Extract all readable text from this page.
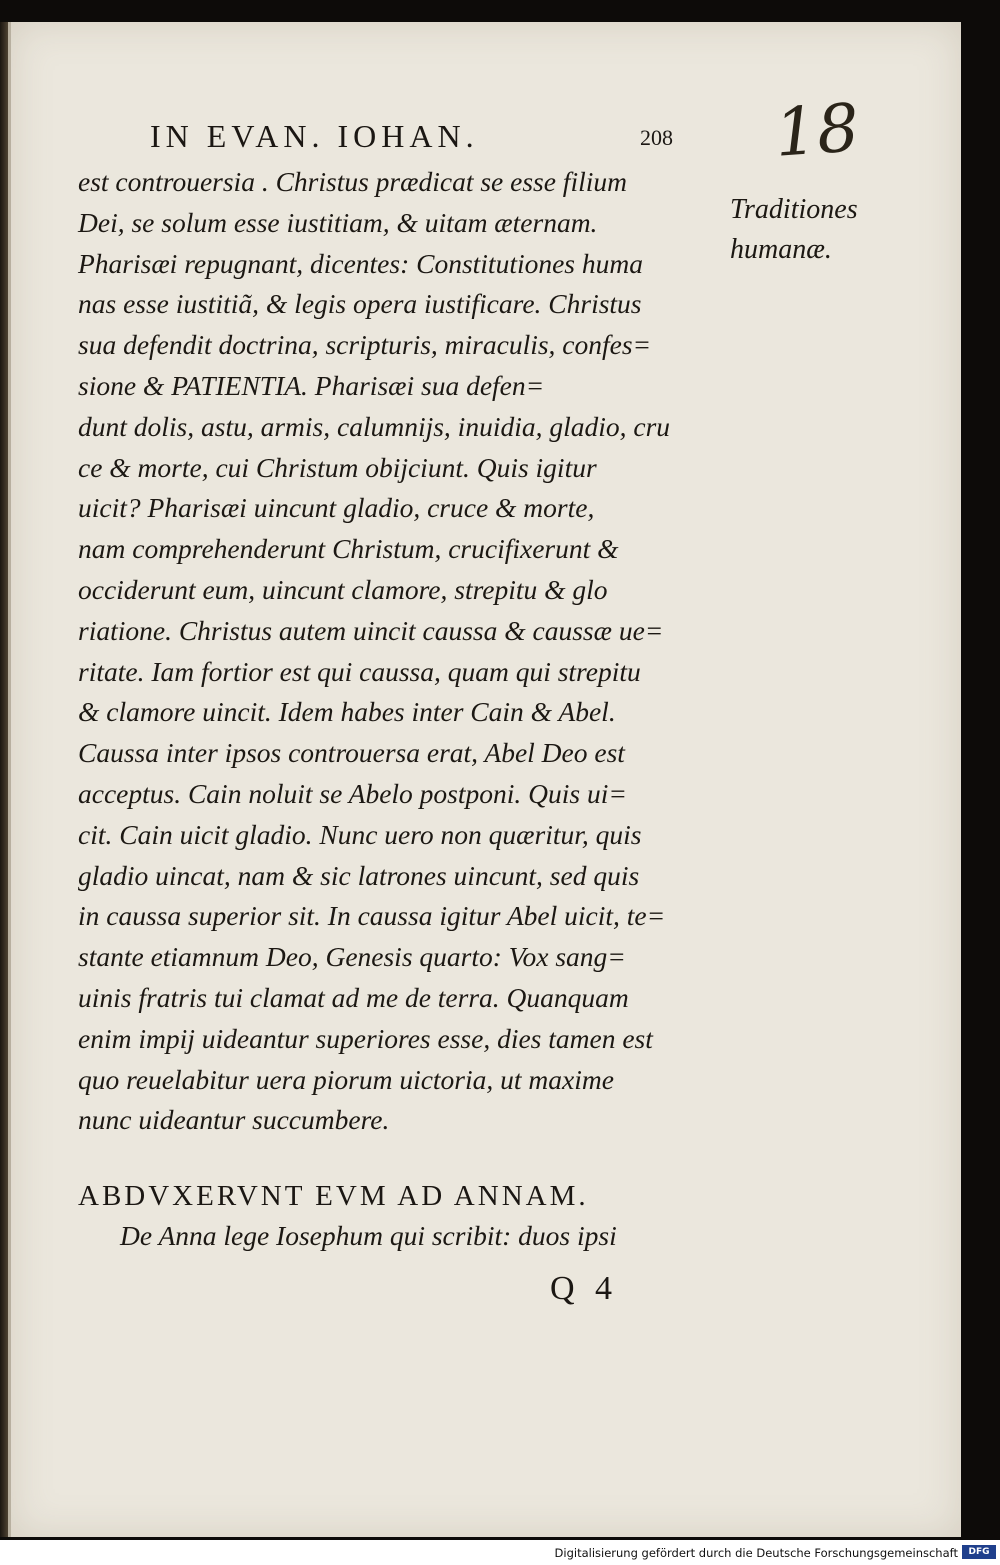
IN EVAN. IOHAN.	208 18
Traditiones
humanæ.
est controuersia . Christus prædicat se esse filium
Dei, se solum esse iustitiam, & uitam æternam.
Pharisæi repugnant, dicentes: Constitutiones huma
nas esse iustitiã, & legis opera iustificare. Christus
sua defendit doctrina, scripturis, miraculis, confes=
sione & PATIENTIA. Pharisæi sua defen=
dunt dolis, astu, armis, calumnijs, inuidia, gladio, cru
ce & morte, cui Christum obijciunt. Quis igitur
uicit? Pharisæi uincunt gladio, cruce & morte,
nam comprehenderunt Christum, crucifixerunt &
occiderunt eum, uincunt clamore, strepitu & glo
riatione. Christus autem uincit caussa & caussæ ue=
ritate. Iam fortior est qui caussa, quam qui strepitu
& clamore uincit. Idem habes inter Cain & Abel.
Caussa inter ipsos controuersa erat, Abel Deo est
acceptus. Cain noluit se Abelo postponi. Quis ui=
cit. Cain uicit gladio. Nunc uero non quæritur, quis
gladio uincat, nam & sic latrones uincunt, sed quis
in caussa superior sit. In caussa igitur Abel uicit, te=
stante etiamnum Deo, Genesis quarto: Vox sang=
uinis fratris tui clamat ad me de terra. Quanquam
enim impij uideantur superiores esse, dies tamen est
quo reuelabitur uera piorum uictoria, ut maxime
nunc uideantur succumbere.
ABDVXERVNT EVM AD ANNAM.
De Anna lege Iosephum qui scribit: duos ipsi
Q 4
Digitalisierung gefördert durch die Deutsche Forschungsgemeinschaft	DFG
